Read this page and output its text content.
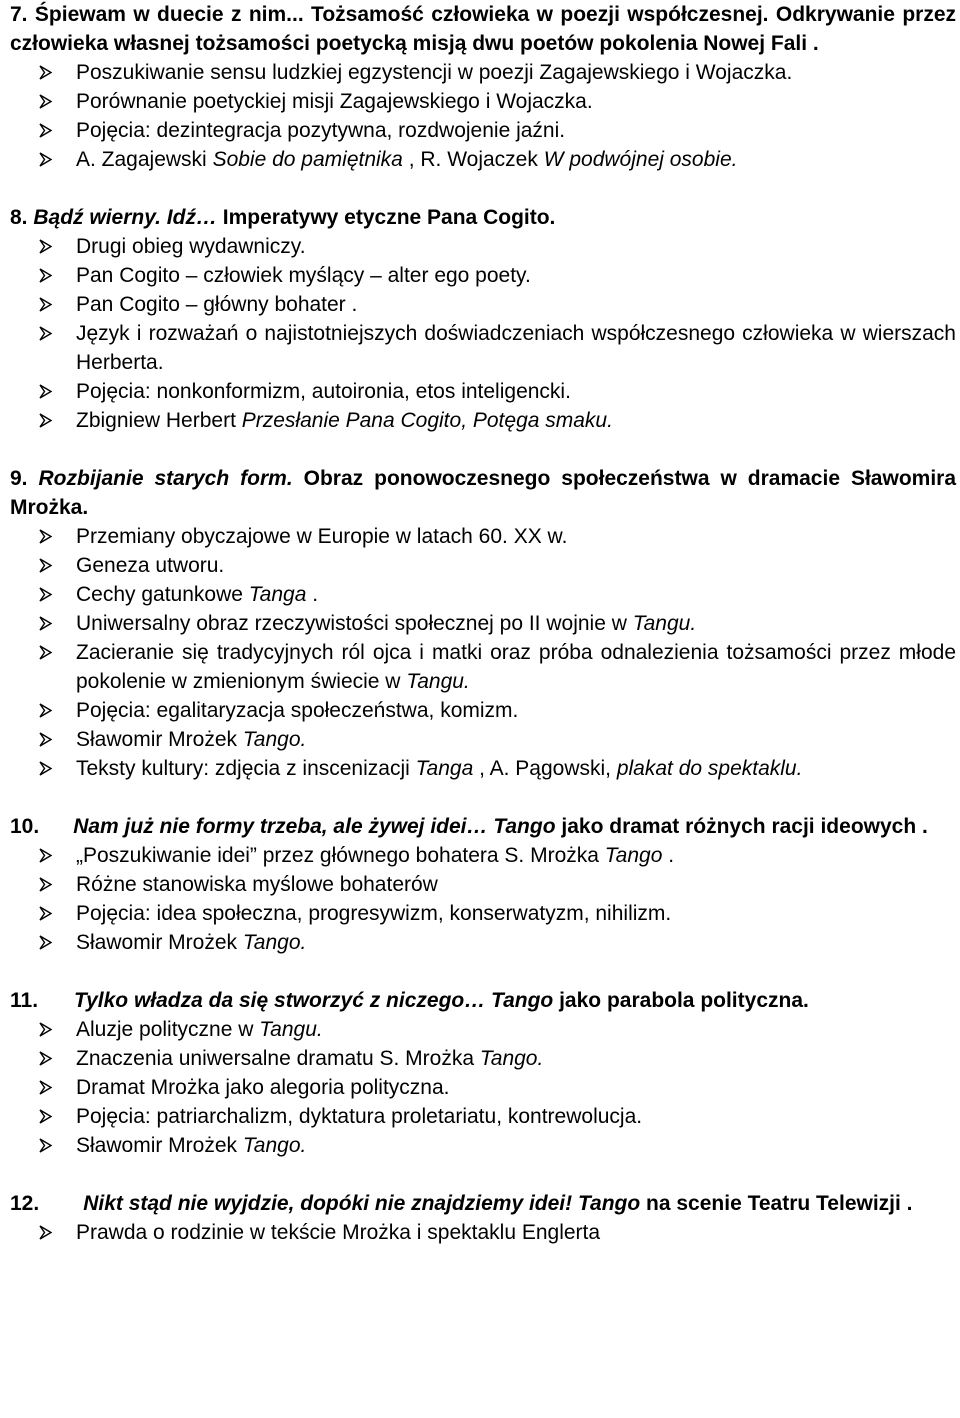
7. Śpiewam w duecie z nim... Tożsamość człowieka w poezji współczesnej. Odkrywanie przez człowieka własnej tożsamości poetycką misją dwu poetów pokolenia Nowej Fali .

Poszukiwanie sensu ludzkiej egzystencji w poezji Zagajewskiego i Wojaczka.
Porównanie poetyckiej misji Zagajewskiego i Wojaczka.
Pojęcia: dezintegracja pozytywna, rozdwojenie jaźni.
A. Zagajewski Sobie do pamiętnika , R. Wojaczek W podwójnej osobie.

8. Bądź wierny. Idź… Imperatywy etyczne Pana Cogito.

Drugi obieg wydawniczy.
Pan Cogito – człowiek myślący – alter ego poety.
Pan Cogito – główny bohater .
Język i rozważań o najistotniejszych doświadczeniach współczesnego człowieka w wierszach Herberta.
Pojęcia: nonkonformizm, autoironia, etos inteligencki.
Zbigniew Herbert Przesłanie Pana Cogito, Potęga smaku.

9. Rozbijanie starych form. Obraz ponowoczesnego społeczeństwa w dramacie Sławomira Mrożka.

Przemiany obyczajowe w Europie w latach 60. XX w.
Geneza utworu.
Cechy gatunkowe Tanga .
Uniwersalny obraz rzeczywistości społecznej po II wojnie w Tangu.
Zacieranie się tradycyjnych ról ojca i matki oraz próba odnalezienia tożsamości przez młode pokolenie w zmienionym świecie w Tangu.
Pojęcia: egalitaryzacja społeczeństwa, komizm.
Sławomir Mrożek Tango.
Teksty kultury: zdjęcia z inscenizacji Tanga , A. Pągowski, plakat do spektaklu.

10. Nam już nie formy trzeba, ale żywej idei… Tango jako dramat różnych racji ideowych .

„Poszukiwanie idei” przez głównego bohatera S. Mrożka Tango .
Różne stanowiska myślowe bohaterów
Pojęcia: idea społeczna, progresywizm, konserwatyzm, nihilizm.
Sławomir Mrożek Tango.

11. Tylko władza da się stworzyć z niczego… Tango jako parabola polityczna.

Aluzje polityczne w Tangu.
Znaczenia uniwersalne dramatu S. Mrożka Tango.
Dramat Mrożka jako alegoria polityczna.
Pojęcia: patriarchalizm, dyktatura proletariatu, kontrewolucja.
Sławomir Mrożek Tango.

12. Nikt stąd nie wyjdzie, dopóki nie znajdziemy idei! Tango na scenie Teatru Telewizji .

Prawda o rodzinie w tekście Mrożka i spektaklu Englerta
